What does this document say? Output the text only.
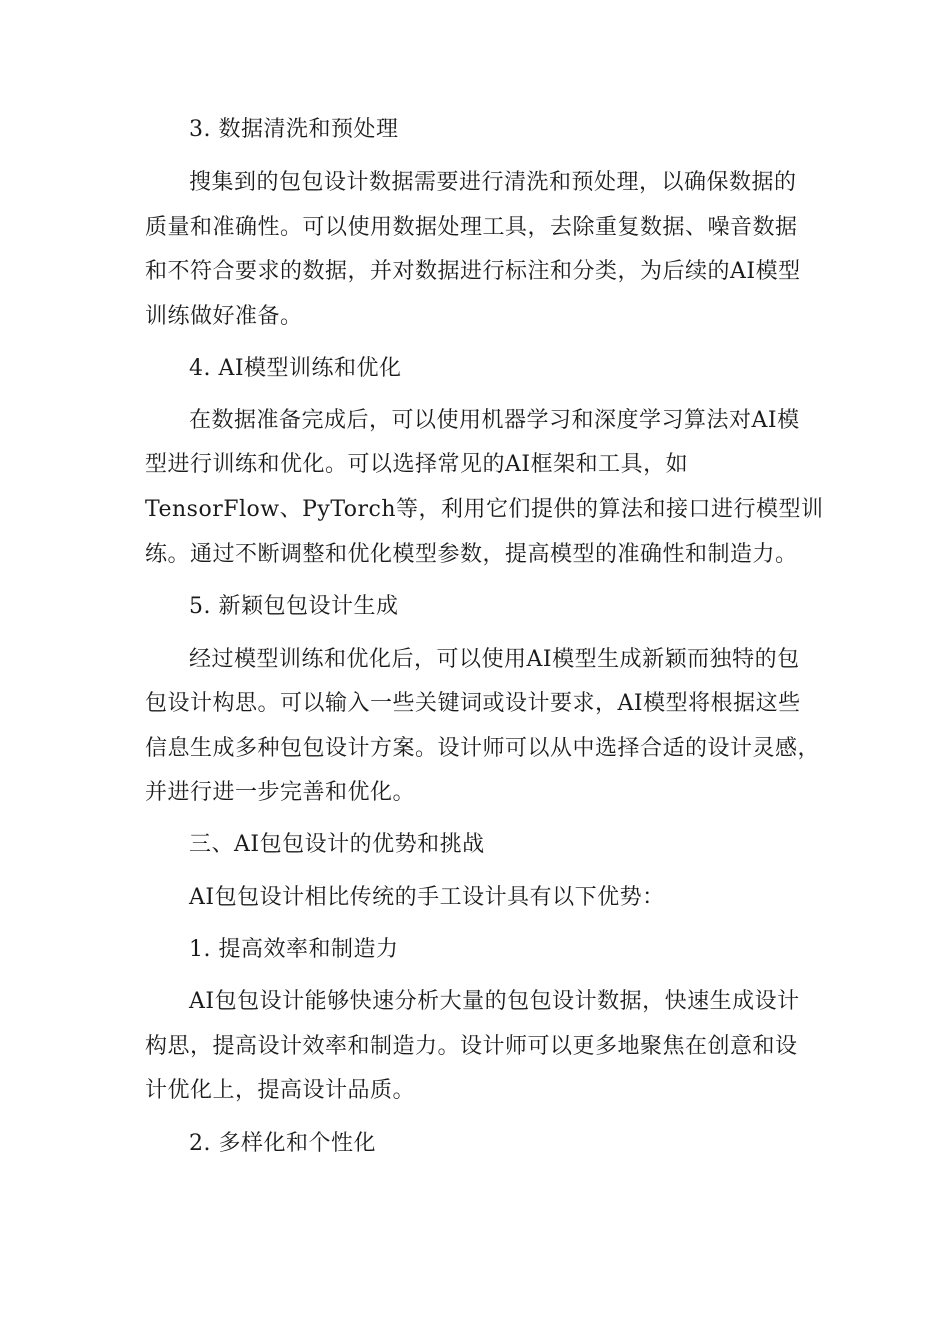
3. 数据清洗和预处理
搜集到的包包设计数据需要进行清洗和预处理，以确保数据的
质量和准确性。可以使用数据处理工具，去除重复数据、噪音数据
和不符合要求的数据，并对数据进行标注和分类，为后续的AI模型
训练做好准备。
4. AI模型训练和优化
在数据准备完成后，可以使用机器学习和深度学习算法对AI模
型进行训练和优化。可以选择常见的AI框架和工具，如
TensorFlow、PyTorch等，利用它们提供的算法和接口进行模型训
练。通过不断调整和优化模型参数，提高模型的准确性和制造力。
5. 新颖包包设计生成
经过模型训练和优化后，可以使用AI模型生成新颖而独特的包
包设计构思。可以输入一些关键词或设计要求，AI模型将根据这些
信息生成多种包包设计方案。设计师可以从中选择合适的设计灵感，
并进行进一步完善和优化。
三、AI包包设计的优势和挑战
AI包包设计相比传统的手工设计具有以下优势：
1. 提高效率和制造力
AI包包设计能够快速分析大量的包包设计数据，快速生成设计
构思，提高设计效率和制造力。设计师可以更多地聚焦在创意和设
计优化上，提高设计品质。
2. 多样化和个性化
